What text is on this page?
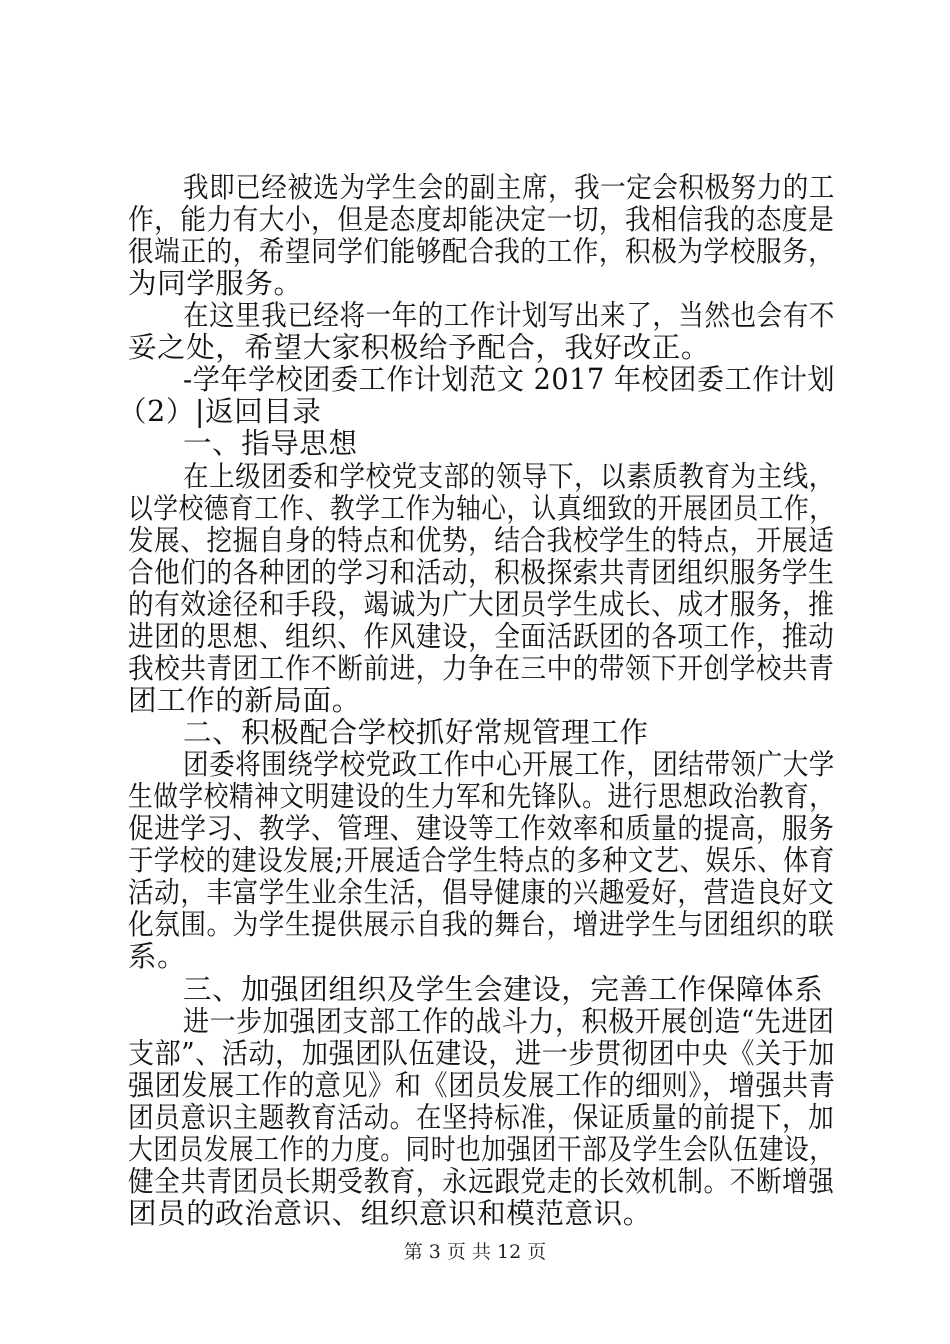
我即已经被选为学生会的副主席，我一定会积极努力的工
作，能力有大小，但是态度却能决定一切，我相信我的态度是
很端正的，希望同学们能够配合我的工作，积极为学校服务，
为同学服务。
在这里我已经将一年的工作计划写出来了，当然也会有不
妥之处，希望大家积极给予配合，我好改正。
-学年学校团委工作计划范文 2017 年校团委工作计划
（2）|返回目录
一、指导思想
在上级团委和学校党支部的领导下，以素质教育为主线，
以学校德育工作、教学工作为轴心，认真细致的开展团员工作，
发展、挖掘自身的特点和优势，结合我校学生的特点，开展适
合他们的各种团的学习和活动，积极探索共青团组织服务学生
的有效途径和手段，竭诚为广大团员学生成长、成才服务，推
进团的思想、组织、作风建设，全面活跃团的各项工作，推动
我校共青团工作不断前进，力争在三中的带领下开创学校共青
团工作的新局面。
二、积极配合学校抓好常规管理工作
团委将围绕学校党政工作中心开展工作，团结带领广大学
生做学校精神文明建设的生力军和先锋队。进行思想政治教育，
促进学习、教学、管理、建设等工作效率和质量的提高，服务
于学校的建设发展;开展适合学生特点的多种文艺、娱乐、体育
活动，丰富学生业余生活，倡导健康的兴趣爱好，营造良好文
化氛围。为学生提供展示自我的舞台，增进学生与团组织的联
系。
三、加强团组织及学生会建设，完善工作保障体系
进一步加强团支部工作的战斗力，积极开展创造“先进团
支部”、活动，加强团队伍建设，进一步贯彻团中央《关于加
强团发展工作的意见》和《团员发展工作的细则》，增强共青
团员意识主题教育活动。在坚持标准，保证质量的前提下，加
大团员发展工作的力度。同时也加强团干部及学生会队伍建设，
健全共青团员长期受教育，永远跟党走的长效机制。不断增强
团员的政治意识、组织意识和模范意识。
第 3 页 共 12 页
